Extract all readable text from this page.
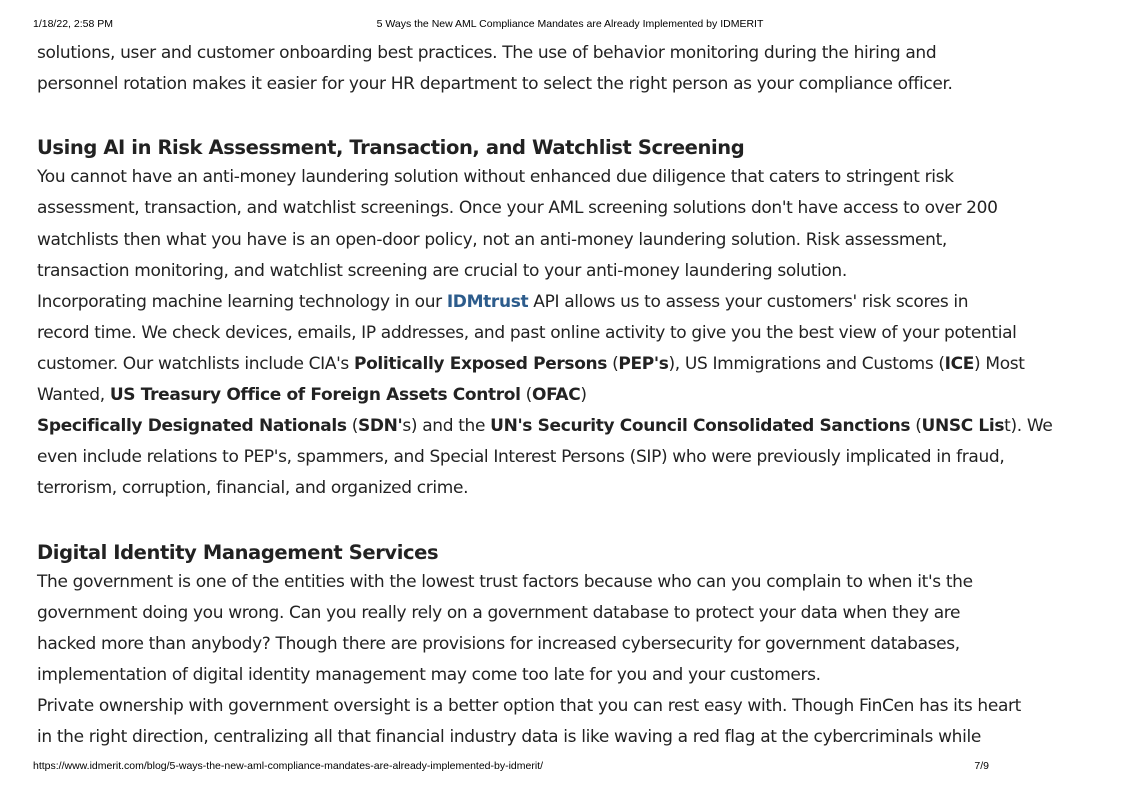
1/18/22, 2:58 PM	5 Ways the New AML Compliance Mandates are Already Implemented by IDMERIT
solutions, user and customer onboarding best practices. The use of behavior monitoring during the hiring and
personnel rotation makes it easier for your HR department to select the right person as your compliance officer.
Using AI in Risk Assessment, Transaction, and Watchlist Screening
You cannot have an anti-money laundering solution without enhanced due diligence that caters to stringent risk
assessment, transaction, and watchlist screenings. Once your AML screening solutions don't have access to over 200
watchlists then what you have is an open-door policy, not an anti-money laundering solution. Risk assessment,
transaction monitoring, and watchlist screening are crucial to your anti-money laundering solution.
Incorporating machine learning technology in our IDMtrust API allows us to assess your customers' risk scores in
record time. We check devices, emails, IP addresses, and past online activity to give you the best view of your potential
customer. Our watchlists include CIA's Politically Exposed Persons (PEP's), US Immigrations and Customs (ICE) Most
Wanted, US Treasury Office of Foreign Assets Control (OFAC)
Specifically Designated Nationals (SDN's) and the UN's Security Council Consolidated Sanctions (UNSC List). We
even include relations to PEP's, spammers, and Special Interest Persons (SIP) who were previously implicated in fraud,
terrorism, corruption, financial, and organized crime.
Digital Identity Management Services
The government is one of the entities with the lowest trust factors because who can you complain to when it's the
government doing you wrong. Can you really rely on a government database to protect your data when they are
hacked more than anybody? Though there are provisions for increased cybersecurity for government databases,
implementation of digital identity management may come too late for you and your customers.
Private ownership with government oversight is a better option that you can rest easy with. Though FinCen has its heart
in the right direction, centralizing all that financial industry data is like waving a red flag at the cybercriminals while
https://www.idmerit.com/blog/5-ways-the-new-aml-compliance-mandates-are-already-implemented-by-idmerit/	7/9
